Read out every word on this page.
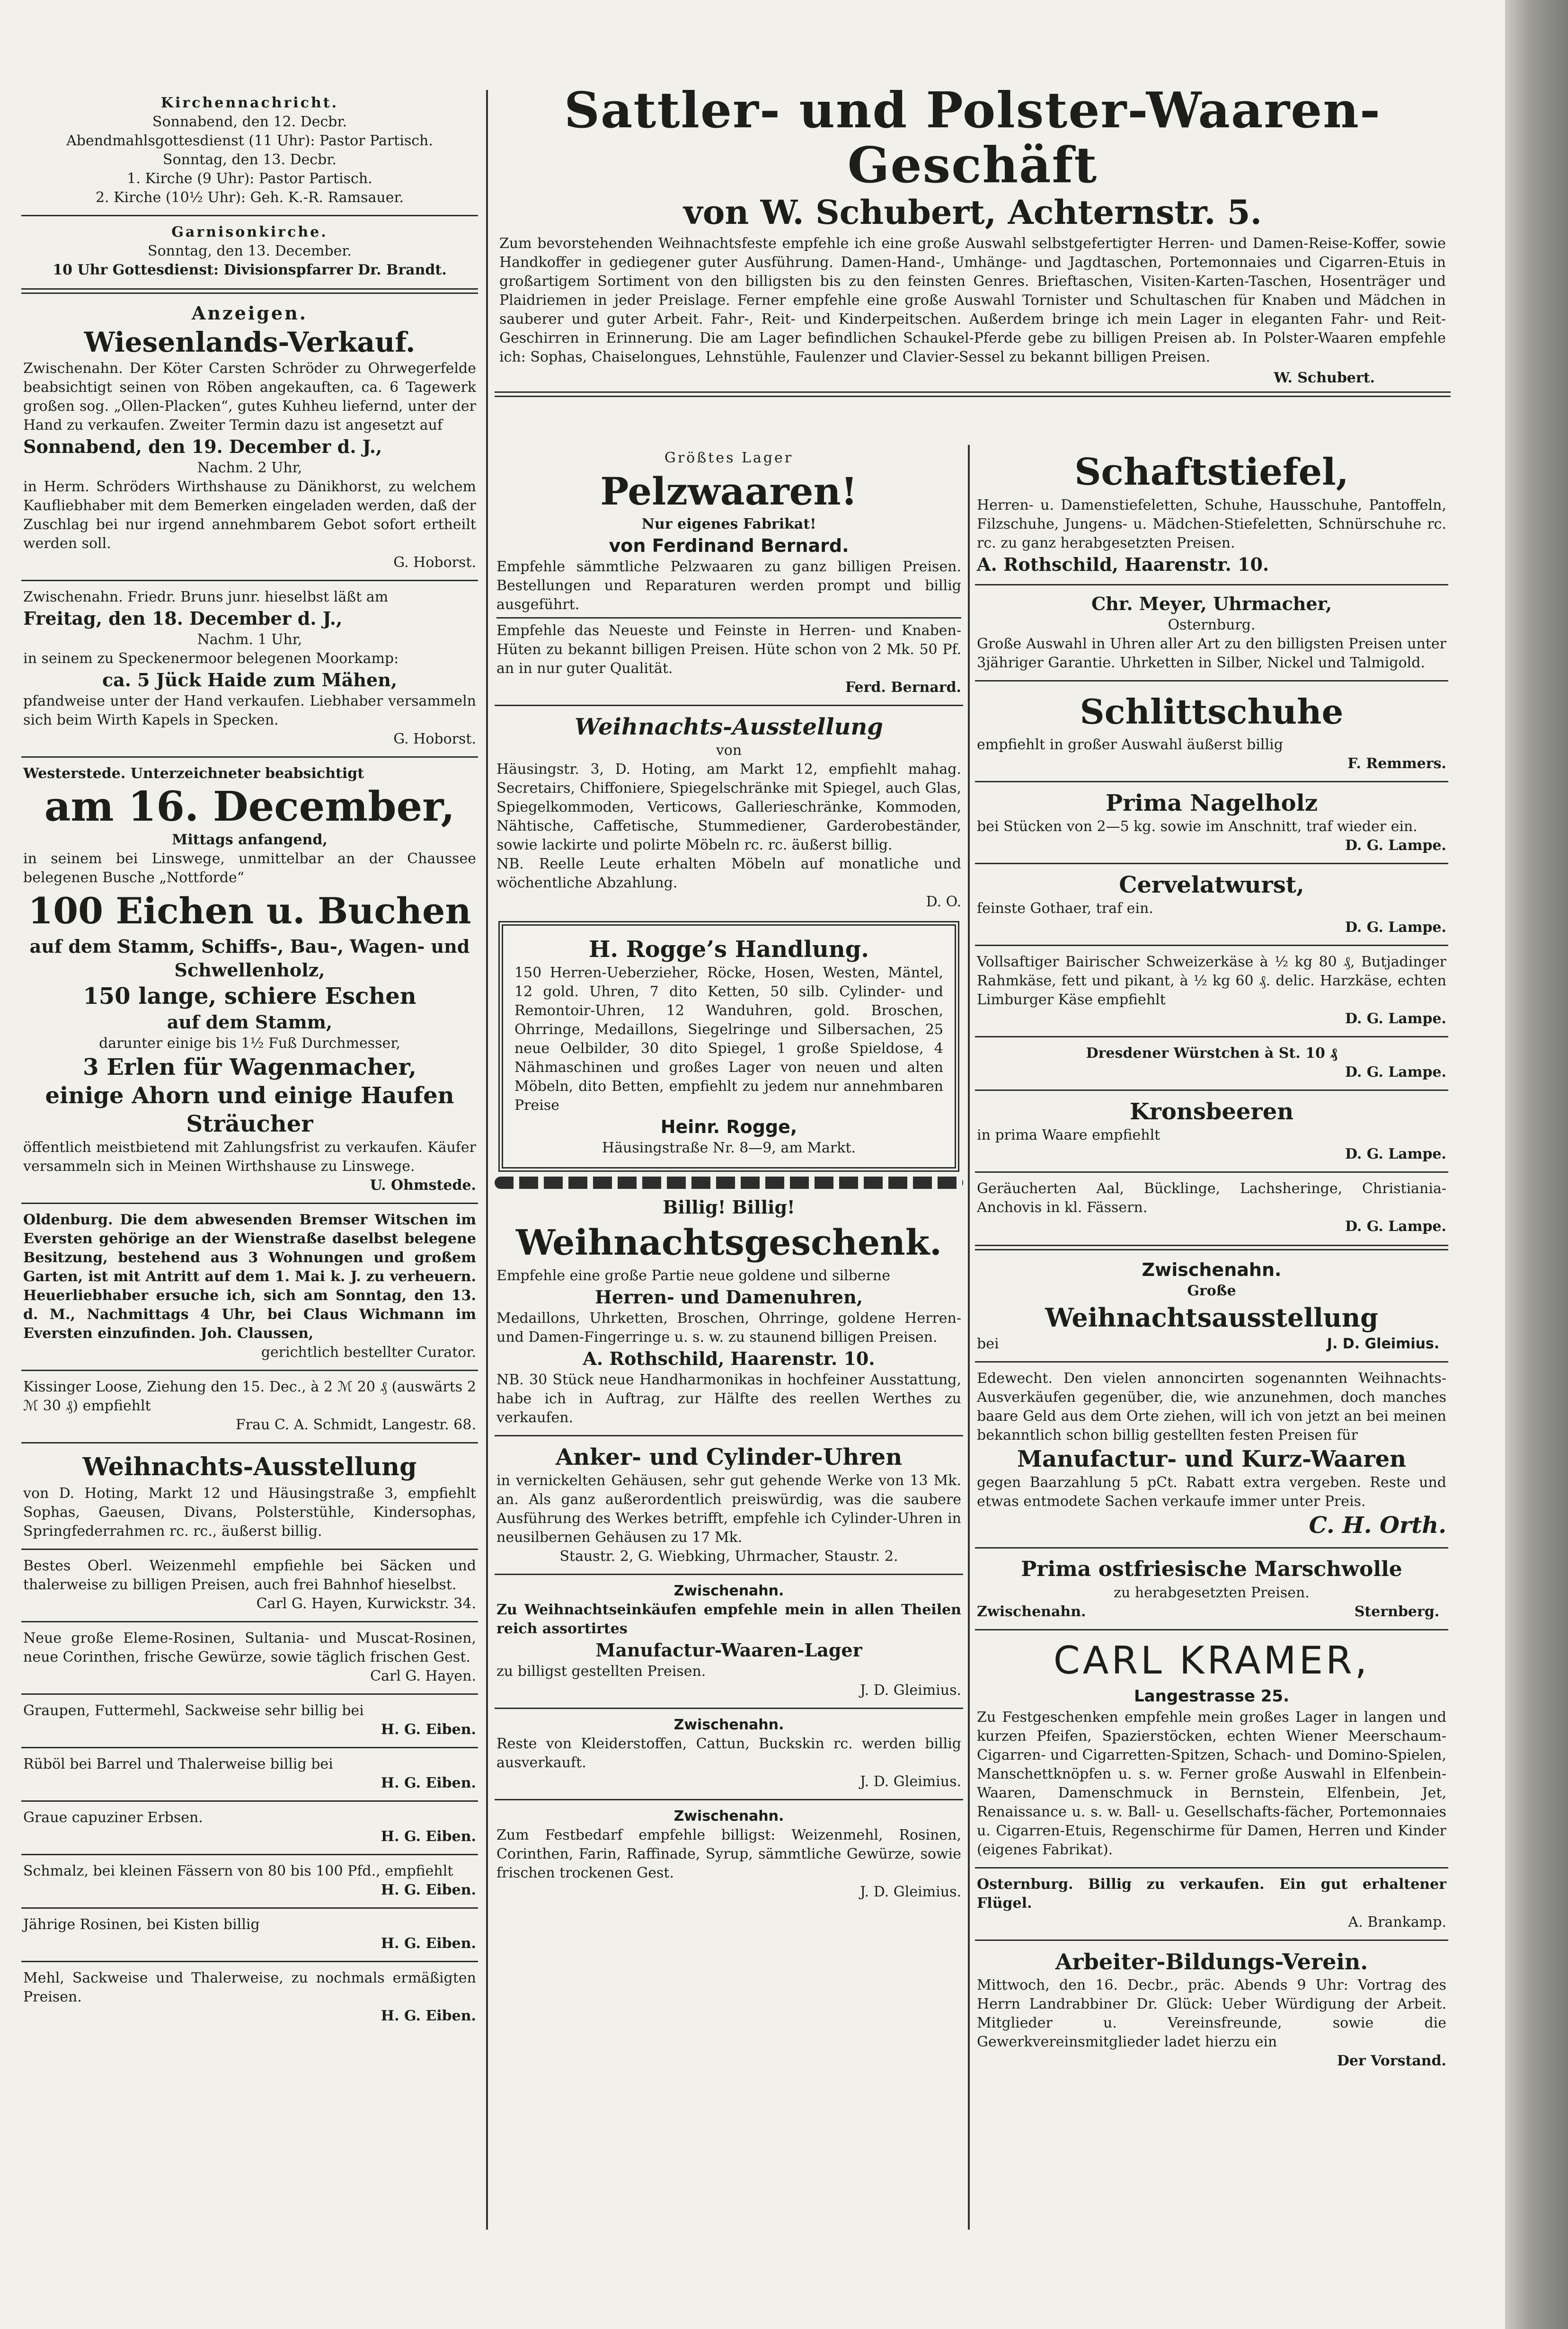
Kirchennachricht.

Sonnabend, den 12. Decbr.

Abendmahlsgottesdienst (11 Uhr): Pastor Partisch.

Sonntag, den 13. Decbr.

1. Kirche (9 Uhr): Pastor Partisch.

2. Kirche (10½ Uhr): Geh. K.-R. Ramsauer.

Garnisonkirche.

Sonntag, den 13. December.

10 Uhr Gottesdienst: Divisionspfarrer Dr. Brandt.

Anzeigen.

Wiesenlands-Verkauf.

Zwischenahn. Der Köter Carsten Schröder zu Ohrwegerfelde beabsichtigt seinen von Röben angekauften, ca. 6 Tagewerk großen sog. „Ollen-Placken“, gutes Kuhheu liefernd, unter der Hand zu verkaufen. Zweiter Termin dazu ist angesetzt auf

Sonnabend, den 19. December d. J.,

Nachm. 2 Uhr,

in Herm. Schröders Wirthshause zu Dänikhorst, zu welchem Kaufliebhaber mit dem Bemerken eingeladen werden, daß der Zuschlag bei nur irgend annehmbarem Gebot sofort ertheilt werden soll.

G. Hoborst.

Zwischenahn. Friedr. Bruns junr. hieselbst läßt am

Freitag, den 18. December d. J.,

Nachm. 1 Uhr,

in seinem zu Speckenermoor belegenen Moorkamp:

ca. 5 Jück Haide zum Mähen,

pfandweise unter der Hand verkaufen. Liebhaber versammeln sich beim Wirth Kapels in Specken.

G. Hoborst.

Westerstede. Unterzeichneter beabsichtigt

am 16. December,

Mittags anfangend,

in seinem bei Linswege, unmittelbar an der Chaussee belegenen Busche „Nottforde“

100 Eichen u. Buchen

auf dem Stamm, Schiffs-, Bau-, Wagen- und Schwellenholz,

150 lange, schiere Eschen

auf dem Stamm,

darunter einige bis 1½ Fuß Durchmesser,

3 Erlen für Wagenmacher,

einige Ahorn und einige Haufen Sträucher

öffentlich meistbietend mit Zahlungsfrist zu verkaufen. Käufer versammeln sich in Meinen Wirthshause zu Linswege.

U. Ohmstede.

Oldenburg. Die dem abwesenden Bremser Witschen im Eversten gehörige an der Wienstraße daselbst belegene Besitzung, bestehend aus 3 Wohnungen und großem Garten, ist mit Antritt auf dem 1. Mai k. J. zu verheuern. Heuerliebhaber ersuche ich, sich am Sonntag, den 13. d. M., Nachmittags 4 Uhr, bei Claus Wichmann im Eversten einzufinden. Joh. Claussen,

gerichtlich bestellter Curator.

Kissinger Loose, Ziehung den 15. Dec., à 2 ℳ 20 ₰ (auswärts 2 ℳ 30 ₰) empfiehlt

Frau C. A. Schmidt, Langestr. 68.

Weihnachts-Ausstellung

von D. Hoting, Markt 12 und Häusingstraße 3, empfiehlt Sophas, Gaeusen, Divans, Polsterstühle, Kindersophas, Springfederrahmen rc. rc., äußerst billig.

Bestes Oberl. Weizenmehl empfiehle bei Säcken und thalerweise zu billigen Preisen, auch frei Bahnhof hieselbst.

Carl G. Hayen, Kurwickstr. 34.

Neue große Eleme-Rosinen, Sultania- und Muscat-Rosinen, neue Corinthen, frische Gewürze, sowie täglich frischen Gest.

Carl G. Hayen.

Graupen, Futtermehl, Sackweise sehr billig bei

H. G. Eiben.

Rüböl bei Barrel und Thalerweise billig bei

H. G. Eiben.

Graue capuziner Erbsen.

H. G. Eiben.

Schmalz, bei kleinen Fässern von 80 bis 100 Pfd., empfiehlt

H. G. Eiben.

Jährige Rosinen, bei Kisten billig

H. G. Eiben.

Mehl, Sackweise und Thalerweise, zu nochmals ermäßigten Preisen.

H. G. Eiben.

Sattler- und Polster-Waaren-Geschäft

von W. Schubert, Achternstr. 5.

Zum bevorstehenden Weihnachtsfeste empfehle ich eine große Auswahl selbstgefertigter Herren- und Damen-Reise-Koffer, sowie Handkoffer in gediegener guter Ausführung. Damen-Hand-, Umhänge- und Jagdtaschen, Portemonnaies und Cigarren-Etuis in großartigem Sortiment von den billigsten bis zu den feinsten Genres. Brieftaschen, Visiten-Karten-Taschen, Hosenträger und Plaidriemen in jeder Preislage. Ferner empfehle eine große Auswahl Tornister und Schultaschen für Knaben und Mädchen in sauberer und guter Arbeit. Fahr-, Reit- und Kinderpeitschen. Außerdem bringe ich mein Lager in eleganten Fahr- und Reit-Geschirren in Erinnerung. Die am Lager befindlichen Schaukel-Pferde gebe zu billigen Preisen ab. In Polster-Waaren empfehle ich: Sophas, Chaiselongues, Lehnstühle, Faulenzer und Clavier-Sessel zu bekannt billigen Preisen.

W. Schubert.

Größtes Lager

Pelzwaaren!

Nur eigenes Fabrikat!

von Ferdinand Bernard.

Empfehle sämmtliche Pelzwaaren zu ganz billigen Preisen. Bestellungen und Reparaturen werden prompt und billig ausgeführt.

Empfehle das Neueste und Feinste in Herren- und Knaben-Hüten zu bekannt billigen Preisen. Hüte schon von 2 Mk. 50 Pf. an in nur guter Qualität.

Ferd. Bernard.

Weihnachts-Ausstellung

von

Häusingstr. 3, D. Hoting, am Markt 12, empfiehlt mahag. Secretairs, Chiffoniere, Spiegelschränke mit Spiegel, auch Glas, Spiegelkommoden, Verticows, Gallerieschränke, Kommoden, Nähtische, Caffetische, Stummediener, Garderobeständer, sowie lackirte und polirte Möbeln rc. rc. äußerst billig.

NB. Reelle Leute erhalten Möbeln auf monatliche und wöchentliche Abzahlung.

D. O.

H. Rogge’s Handlung.

150 Herren-Ueberzieher, Röcke, Hosen, Westen, Mäntel, 12 gold. Uhren, 7 dito Ketten, 50 silb. Cylinder- und Remontoir-Uhren, 12 Wanduhren, gold. Broschen, Ohrringe, Medaillons, Siegelringe und Silbersachen, 25 neue Oelbilder, 30 dito Spiegel, 1 große Spieldose, 4 Nähmaschinen und großes Lager von neuen und alten Möbeln, dito Betten, empfiehlt zu jedem nur annehmbaren Preise

Heinr. Rogge,

Häusingstraße Nr. 8—9, am Markt.

Billig! Billig!

Weihnachtsgeschenk.

Empfehle eine große Partie neue goldene und silberne

Herren- und Damenuhren,

Medaillons, Uhrketten, Broschen, Ohrringe, goldene Herren- und Damen-Fingerringe u. s. w. zu staunend billigen Preisen.

A. Rothschild, Haarenstr. 10.

NB. 30 Stück neue Handharmonikas in hochfeiner Ausstattung, habe ich in Auftrag, zur Hälfte des reellen Werthes zu verkaufen.

Anker- und Cylinder-Uhren

in vernickelten Gehäusen, sehr gut gehende Werke von 13 Mk. an. Als ganz außerordentlich preiswürdig, was die saubere Ausführung des Werkes betrifft, empfehle ich Cylinder-Uhren in neusilbernen Gehäusen zu 17 Mk.

Staustr. 2, G. Wiebking, Uhrmacher, Staustr. 2.

Zwischenahn.

Zu Weihnachtseinkäufen empfehle mein in allen Theilen reich assortirtes

Manufactur-Waaren-Lager

zu billigst gestellten Preisen.

J. D. Gleimius.

Zwischenahn.

Reste von Kleiderstoffen, Cattun, Buckskin rc. werden billig ausverkauft.

J. D. Gleimius.

Zwischenahn.

Zum Festbedarf empfehle billigst: Weizenmehl, Rosinen, Corinthen, Farin, Raffinade, Syrup, sämmtliche Gewürze, sowie frischen trockenen Gest.

J. D. Gleimius.

Schaftstiefel,

Herren- u. Damenstiefeletten, Schuhe, Hausschuhe, Pantoffeln, Filzschuhe, Jungens- u. Mädchen-Stiefeletten, Schnürschuhe rc. rc. zu ganz herabgesetzten Preisen.

A. Rothschild, Haarenstr. 10.

Chr. Meyer, Uhrmacher,

Osternburg.

Große Auswahl in Uhren aller Art zu den billigsten Preisen unter 3jähriger Garantie. Uhrketten in Silber, Nickel und Talmigold.

Schlittschuhe

empfiehlt in großer Auswahl äußerst billig

F. Remmers.

Prima Nagelholz

bei Stücken von 2—5 kg. sowie im Anschnitt, traf wieder ein.

D. G. Lampe.

Cervelatwurst,

feinste Gothaer, traf ein.

D. G. Lampe.

Vollsaftiger Bairischer Schweizerkäse à ½ kg 80 ₰, Butjadinger Rahmkäse, fett und pikant, à ½ kg 60 ₰. delic. Harzkäse, echten Limburger Käse empfiehlt

D. G. Lampe.

Dresdener Würstchen à St. 10 ₰

D. G. Lampe.

Kronsbeeren

in prima Waare empfiehlt

D. G. Lampe.

Geräucherten Aal, Bücklinge, Lachsheringe, Christiania-Anchovis in kl. Fässern.

D. G. Lampe.

Zwischenahn.

Große

Weihnachtsausstellung

bei

	J. D. Gleimius.

Edewecht. Den vielen annoncirten sogenannten Weihnachts-Ausverkäufen gegenüber, die, wie anzunehmen, doch manches baare Geld aus dem Orte ziehen, will ich von jetzt an bei meinen bekanntlich schon billig gestellten festen Preisen für

Manufactur- und Kurz-Waaren

gegen Baarzahlung 5 pCt. Rabatt extra vergeben. Reste und etwas entmodete Sachen verkaufe immer unter Preis.

C. H. Orth.

Prima ostfriesische Marschwolle

zu herabgesetzten Preisen.

Zwischenahn.

	Sternberg.

CARL KRAMER,

Langestrasse 25.

Zu Festgeschenken empfehle mein großes Lager in langen und kurzen Pfeifen, Spazierstöcken, echten Wiener Meerschaum-Cigarren- und Cigarretten-Spitzen, Schach- und Domino-Spielen, Manschettknöpfen u. s. w. Ferner große Auswahl in Elfenbein-Waaren, Damenschmuck in Bernstein, Elfenbein, Jet, Renaissance u. s. w. Ball- u. Gesellschafts-fächer, Portemonnaies u. Cigarren-Etuis, Regenschirme für Damen, Herren und Kinder (eigenes Fabrikat).

Osternburg. Billig zu verkaufen. Ein gut erhaltener Flügel.

A. Brankamp.

Arbeiter-Bildungs-Verein.

Mittwoch, den 16. Decbr., präc. Abends 9 Uhr: Vortrag des Herrn Landrabbiner Dr. Glück: Ueber Würdigung der Arbeit. Mitglieder u. Vereinsfreunde, sowie die Gewerkvereinsmitglieder ladet hierzu ein

Der Vorstand.
